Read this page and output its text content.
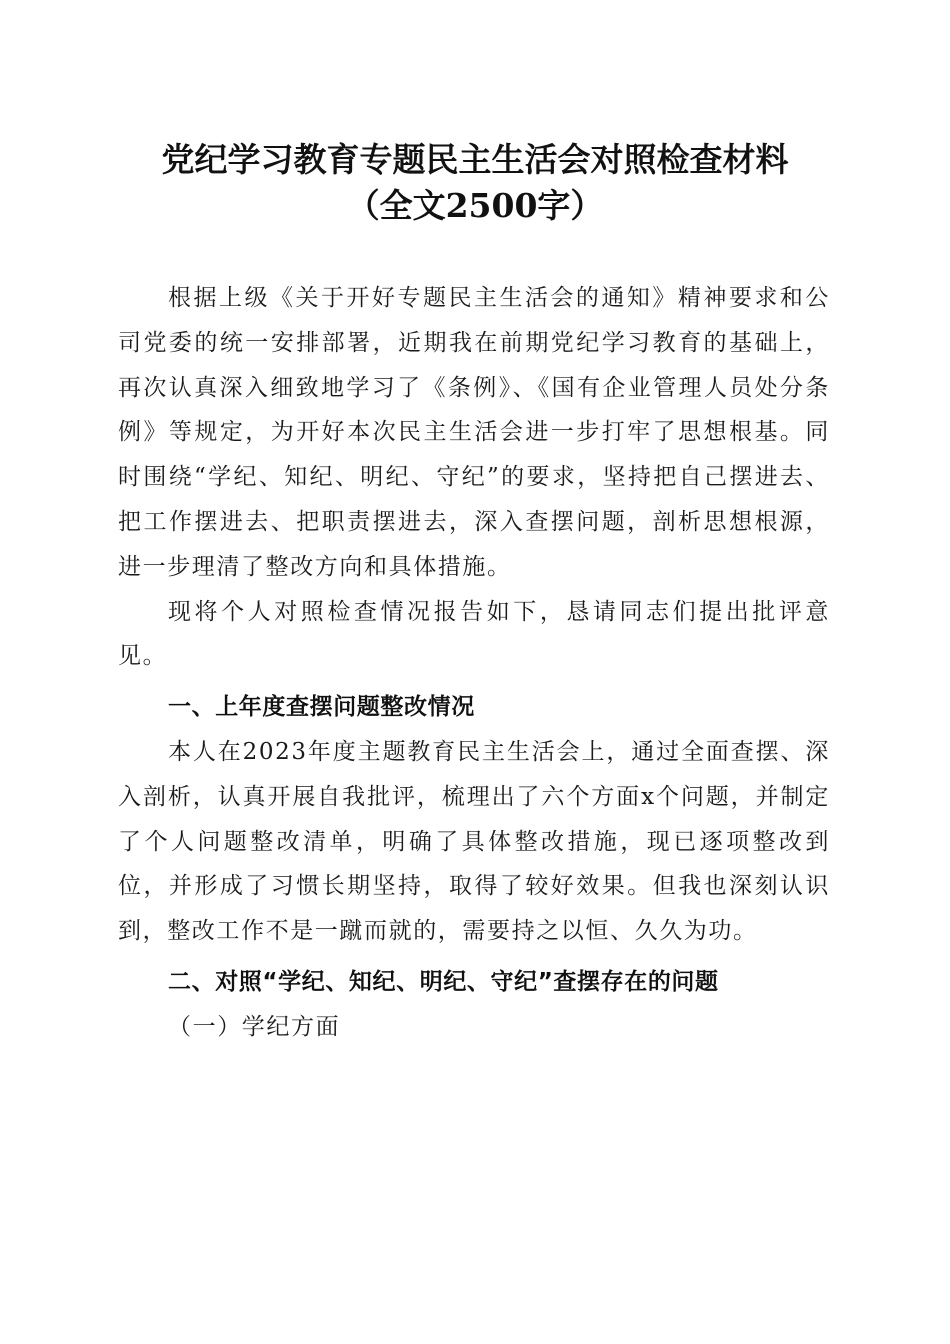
党纪学习教育专题民主生活会对照检查材料
（全文2500字）

根据上级《关于开好专题民主生活会的通知》精神要求和公司党委的统一安排部署，近期我在前期党纪学习教育的基础上，再次认真深入细致地学习了《条例》、《国有企业管理人员处分条例》等规定，为开好本次民主生活会进一步打牢了思想根基。同时围绕“学纪、知纪、明纪、守纪”的要求，坚持把自己摆进去、把工作摆进去、把职责摆进去，深入查摆问题，剖析思想根源，进一步理清了整改方向和具体措施。

现将个人对照检查情况报告如下，恳请同志们提出批评意见。

一、上年度查摆问题整改情况

本人在2023年度主题教育民主生活会上，通过全面查摆、深入剖析，认真开展自我批评，梳理出了六个方面x个问题，并制定了个人问题整改清单，明确了具体整改措施，现已逐项整改到位，并形成了习惯长期坚持，取得了较好效果。但我也深刻认识到，整改工作不是一蹴而就的，需要持之以恒、久久为功。

二、对照“学纪、知纪、明纪、守纪”查摆存在的问题

（一）学纪方面
